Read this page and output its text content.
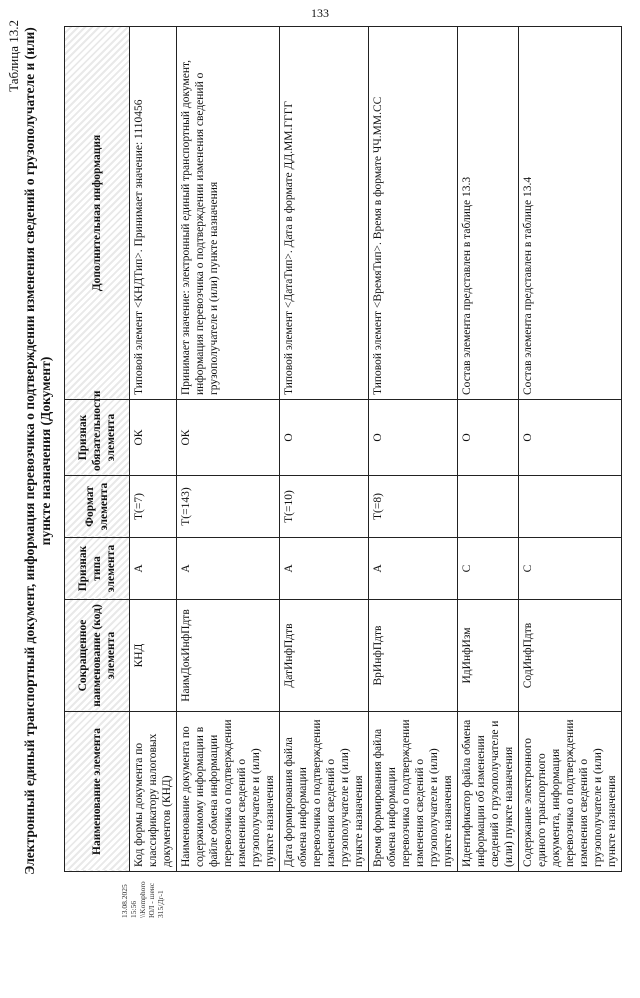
133
Таблица 13.2 Электронный единый транспортный документ, информация перевозчика о подтверждении изменения сведений о грузополучателе и (или) пункте назначения (Документ)
Наименование элемента	Сокращенное наименование (код) элемента	Признак типа элемента	Формат элемента	Признак обязательности элемента	Дополнительная информация
Код формы документа по классификатору налоговых документов (КНД)	КНД	А	T(=7)	ОК	Типовой элемент <КНДТип>. Принимает значение: 1110456
Наименование документа по содержимому информации в файле обмена информации перевозчика о подтверждении изменения сведений о грузополучателе и (или) пункте назначения	НаимДокИнфПдтв	А	T(=143)	ОК	Принимает значение: электронный единый транспортный документ, информация перевозчика о подтверждении изменения сведений о грузополучателе и (или) пункте назначения
Дата формирования файла обмена информации перевозчика о подтверждении изменения сведений о грузополучателе и (или) пункте назначения	ДатИнфПдтв	А	T(=10)	О	Типовой элемент <ДатаТип>. Дата в формате ДД.ММ.ГГГГ
Время формирования файла обмена информации перевозчика о подтверждении изменения сведений о грузополучателе и (или) пункте назначения	ВрИнфПдтв	А	T(=8)	О	Типовой элемент <ВремяТип>. Время в формате ЧЧ.ММ.СС
Идентификатор файла обмена информации об изменении сведений о грузополучателе и (или) пункте назначения	ИдИнфИзм	С		О	Состав элемента представлен в таблице 13.3
Содержание электронного единого транспортного документа, информация перевозчика о подтверждении изменения сведений о грузополучателе и (или) пункте назначения	СодИнфПдтв	С		О	Состав элемента представлен в таблице 13.4
13.08.2025 15:56 \\Komphoro ЮЛ - шенс 315/Дг-1
